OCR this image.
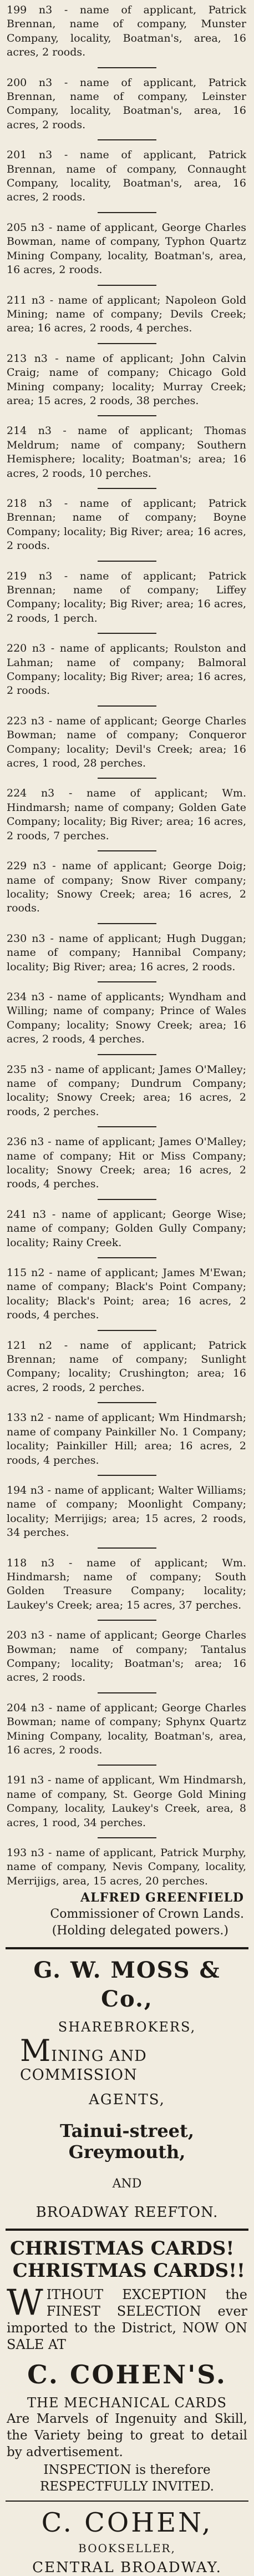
199 n3 - name of applicant, Patrick Brennan, name of company, Munster Company, locality, Boatman's, area, 16 acres, 2 roods.

200 n3 - name of applicant, Patrick Brennan, name of company, Leinster Company, locality, Boatman's, area, 16 acres, 2 roods.

201 n3 - name of applicant, Patrick Brennan, name of company, Connaught Company, locality, Boatman's, area, 16 acres, 2 roods.

205 n3 - name of applicant, George Charles Bowman, name of company, Typhon Quartz Mining Company, locality, Boatman's, area, 16 acres, 2 roods.

211 n3 - name of applicant; Napoleon Gold Mining; name of company; Devils Creek; area; 16 acres, 2 roods, 4 perches.

213 n3 - name of applicant; John Calvin Craig; name of company; Chicago Gold Mining company; locality; Murray Creek; area; 15 acres, 2 roods, 38 perches.

214 n3 - name of applicant; Thomas Meldrum; name of company; Southern Hemisphere; locality; Boatman's; area; 16 acres, 2 roods, 10 perches.

218 n3 - name of applicant; Patrick Brennan; name of company; Boyne Company; locality; Big River; area; 16 acres, 2 roods.

219 n3 - name of applicant; Patrick Brennan; name of company; Liffey Company; locality; Big River; area; 16 acres, 2 roods, 1 perch.

220 n3 - name of applicants; Roulston and Lahman; name of company; Balmoral Company; locality; Big River; area; 16 acres, 2 roods.

223 n3 - name of applicant; George Charles Bowman; name of company; Conqueror Company; locality; Devil's Creek; area; 16 acres, 1 rood, 28 perches.

224 n3 - name of applicant; Wm. Hindmarsh; name of company; Golden Gate Company; locality; Big River; area; 16 acres, 2 roods, 7 perches.

229 n3 - name of applicant; George Doig; name of company; Snow River company; locality; Snowy Creek; area; 16 acres, 2 roods.

230 n3 - name of applicant; Hugh Duggan; name of company; Hannibal Company; locality; Big River; area; 16 acres, 2 roods.

234 n3 - name of applicants; Wyndham and Willing; name of company; Prince of Wales Company; locality; Snowy Creek; area; 16 acres, 2 roods, 4 perches.

235 n3 - name of applicant; James O'Malley; name of company; Dundrum Company; locality; Snowy Creek; area; 16 acres, 2 roods, 2 perches.

236 n3 - name of applicant; James O'Malley; name of company; Hit or Miss Company; locality; Snowy Creek; area; 16 acres, 2 roods, 4 perches.

241 n3 - name of applicant; George Wise; name of company; Golden Gully Company; locality; Rainy Creek.

115 n2 - name of applicant; James M'Ewan; name of company; Black's Point Company; locality; Black's Point; area; 16 acres, 2 roods, 4 perches.

121 n2 - name of applicant; Patrick Brennan; name of company; Sunlight Company; locality; Crushington; area; 16 acres, 2 roods, 2 perches.

133 n2 - name of applicant; Wm Hindmarsh; name of company Painkiller No. 1 Company; locality; Painkiller Hill; area; 16 acres, 2 roods, 4 perches.

194 n3 - name of applicant; Walter Williams; name of company; Moonlight Company; locality; Merrijigs; area; 15 acres, 2 roods, 34 perches.

118 n3 - name of applicant; Wm. Hindmarsh; name of company; South Golden Treasure Company; locality; Laukey's Creek; area; 15 acres, 37 perches.

203 n3 - name of applicant; George Charles Bowman; name of company; Tantalus Company; locality; Boatman's; area; 16 acres, 2 roods.

204 n3 - name of applicant; George Charles Bowman; name of company; Sphynx Quartz Mining Company, locality, Boatman's, area, 16 acres, 2 roods.

191 n3 - name of applicant, Wm Hindmarsh, name of company, St. George Gold Mining Company, locality, Laukey's Creek, area, 8 acres, 1 rood, 34 perches.

193 n3 - name of applicant, Patrick Murphy, name of company, Nevis Company, locality, Merrijigs, area, 15 acres, 20 perches.

ALFRED GREENFIELD
Commissioner of Crown Lands.
(Holding delegated powers.)
G. W. MOSS & Co.,
SHAREBROKERS,
MINING AND COMMISSION
AGENTS,
Tainui-street, Greymouth,
AND
BROADWAY REEFTON.
CHRISTMAS CARDS!
CHRISTMAS CARDS!!
WITHOUT EXCEPTION the FINEST SELECTION ever imported to the District, NOW ON SALE AT
C. COHEN'S.
THE MECHANICAL CARDS
Are Marvels of Ingenuity and Skill, the Variety being to great to detail by advertisement.
INSPECTION is therefore RESPECTFULLY INVITED.
C. COHEN,
BOOKSELLER,
CENTRAL BROADWAY.
